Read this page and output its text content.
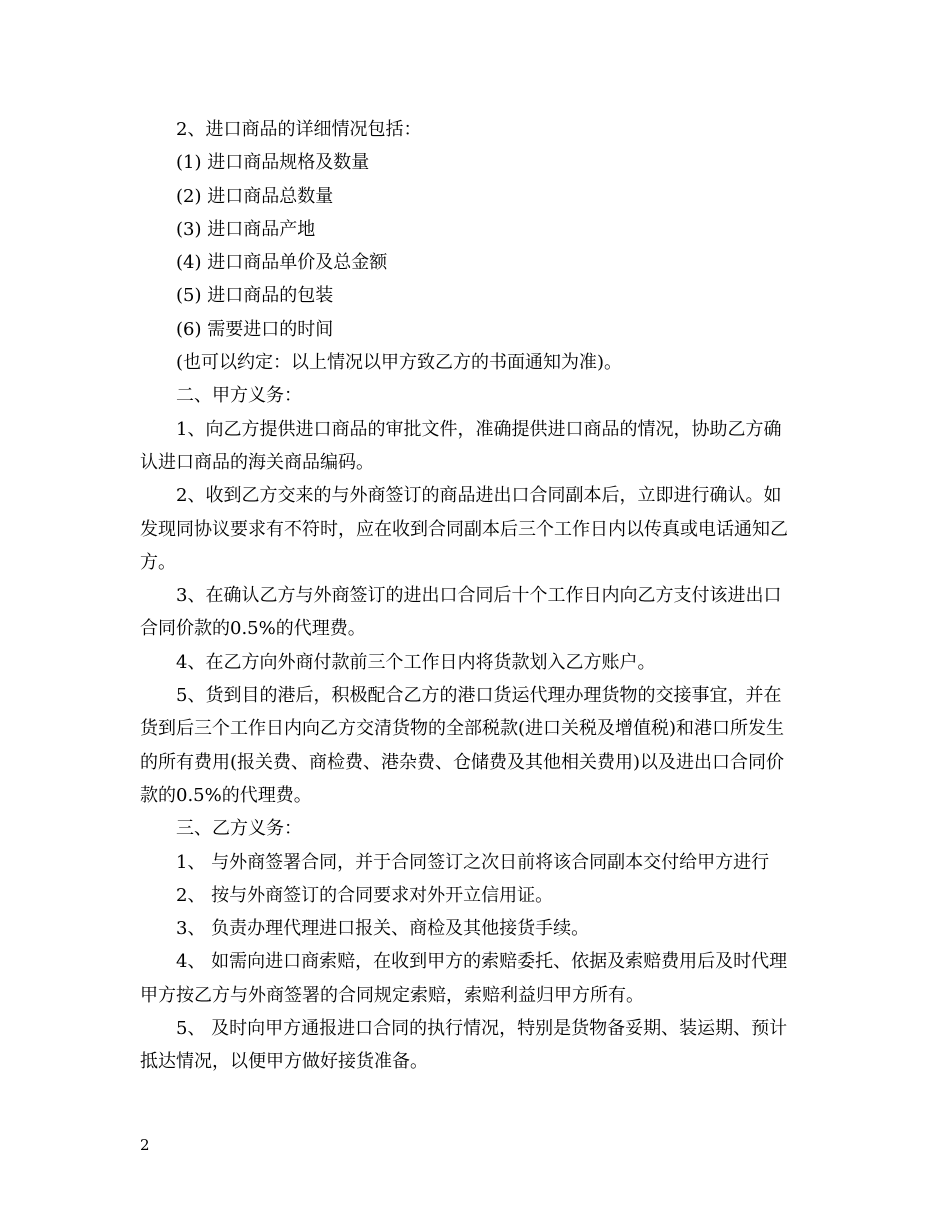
2、进口商品的详细情况包括：
(1) 进口商品规格及数量
(2) 进口商品总数量
(3) 进口商品产地
(4) 进口商品单价及总金额
(5) 进口商品的包装
(6) 需要进口的时间
(也可以约定：以上情况以甲方致乙方的书面通知为准)。
二、甲方义务：
1、向乙方提供进口商品的审批文件，准确提供进口商品的情况，协助乙方确
认进口商品的海关商品编码。
2、收到乙方交来的与外商签订的商品进出口合同副本后，立即进行确认。如
发现同协议要求有不符时，应在收到合同副本后三个工作日内以传真或电话通知乙
方。
3、在确认乙方与外商签订的进出口合同后十个工作日内向乙方支付该进出口
合同价款的0.5%的代理费。
4、在乙方向外商付款前三个工作日内将货款划入乙方账户。
5、货到目的港后，积极配合乙方的港口货运代理办理货物的交接事宜，并在
货到后三个工作日内向乙方交清货物的全部税款(进口关税及增值税)和港口所发生
的所有费用(报关费、商检费、港杂费、仓储费及其他相关费用)以及进出口合同价
款的0.5%的代理费。
三、乙方义务：
1、 与外商签署合同，并于合同签订之次日前将该合同副本交付给甲方进行
2、 按与外商签订的合同要求对外开立信用证。
3、 负责办理代理进口报关、商检及其他接货手续。
4、 如需向进口商索赔，在收到甲方的索赔委托、依据及索赔费用后及时代理
甲方按乙方与外商签署的合同规定索赔，索赔利益归甲方所有。
5、 及时向甲方通报进口合同的执行情况，特别是货物备妥期、装运期、预计
抵达情况，以便甲方做好接货准备。
2
